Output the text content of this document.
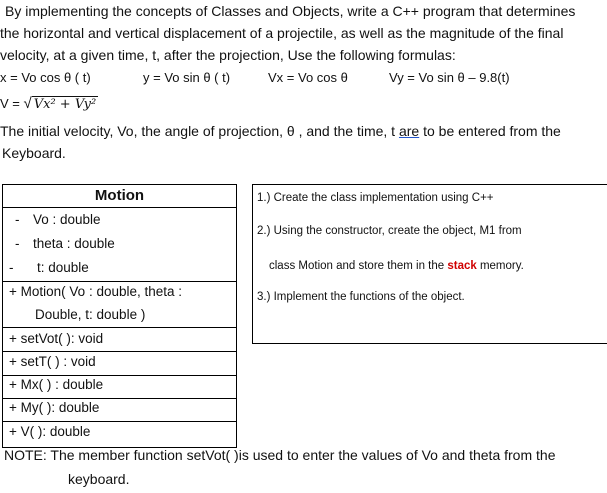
By implementing the concepts of Classes and Objects, write a C++ program that determines
the horizontal and vertical displacement of a projectile, as well as the magnitude of the final
velocity, at a given time, t, after the projection, Use the following formulas:
x = Vo cos θ ( t)	y = Vo sin θ ( t)	Vx = Vo cos θ	Vy = Vo sin θ – 9.8(t)
V = √ Vx² + Vy²
The initial velocity, Vo, the angle of projection, θ , and the time, t are to be entered from the
Keyboard.
Motion
- Vo : double
- theta : double
- t: double
+ Motion( Vo : double, theta :
Double, t: double )
+ setVot( ): void
+ setT( ) : void
+ Mx( ) : double
+ My( ): double
+ V( ): double
1.) Create the class implementation using C++
2.) Using the constructor, create the object, M1 from
class Motion and store them in the stack memory.
3.) Implement the functions of the object.
NOTE: The member function setVot( )is used to enter the values of Vo and theta from the
keyboard.
